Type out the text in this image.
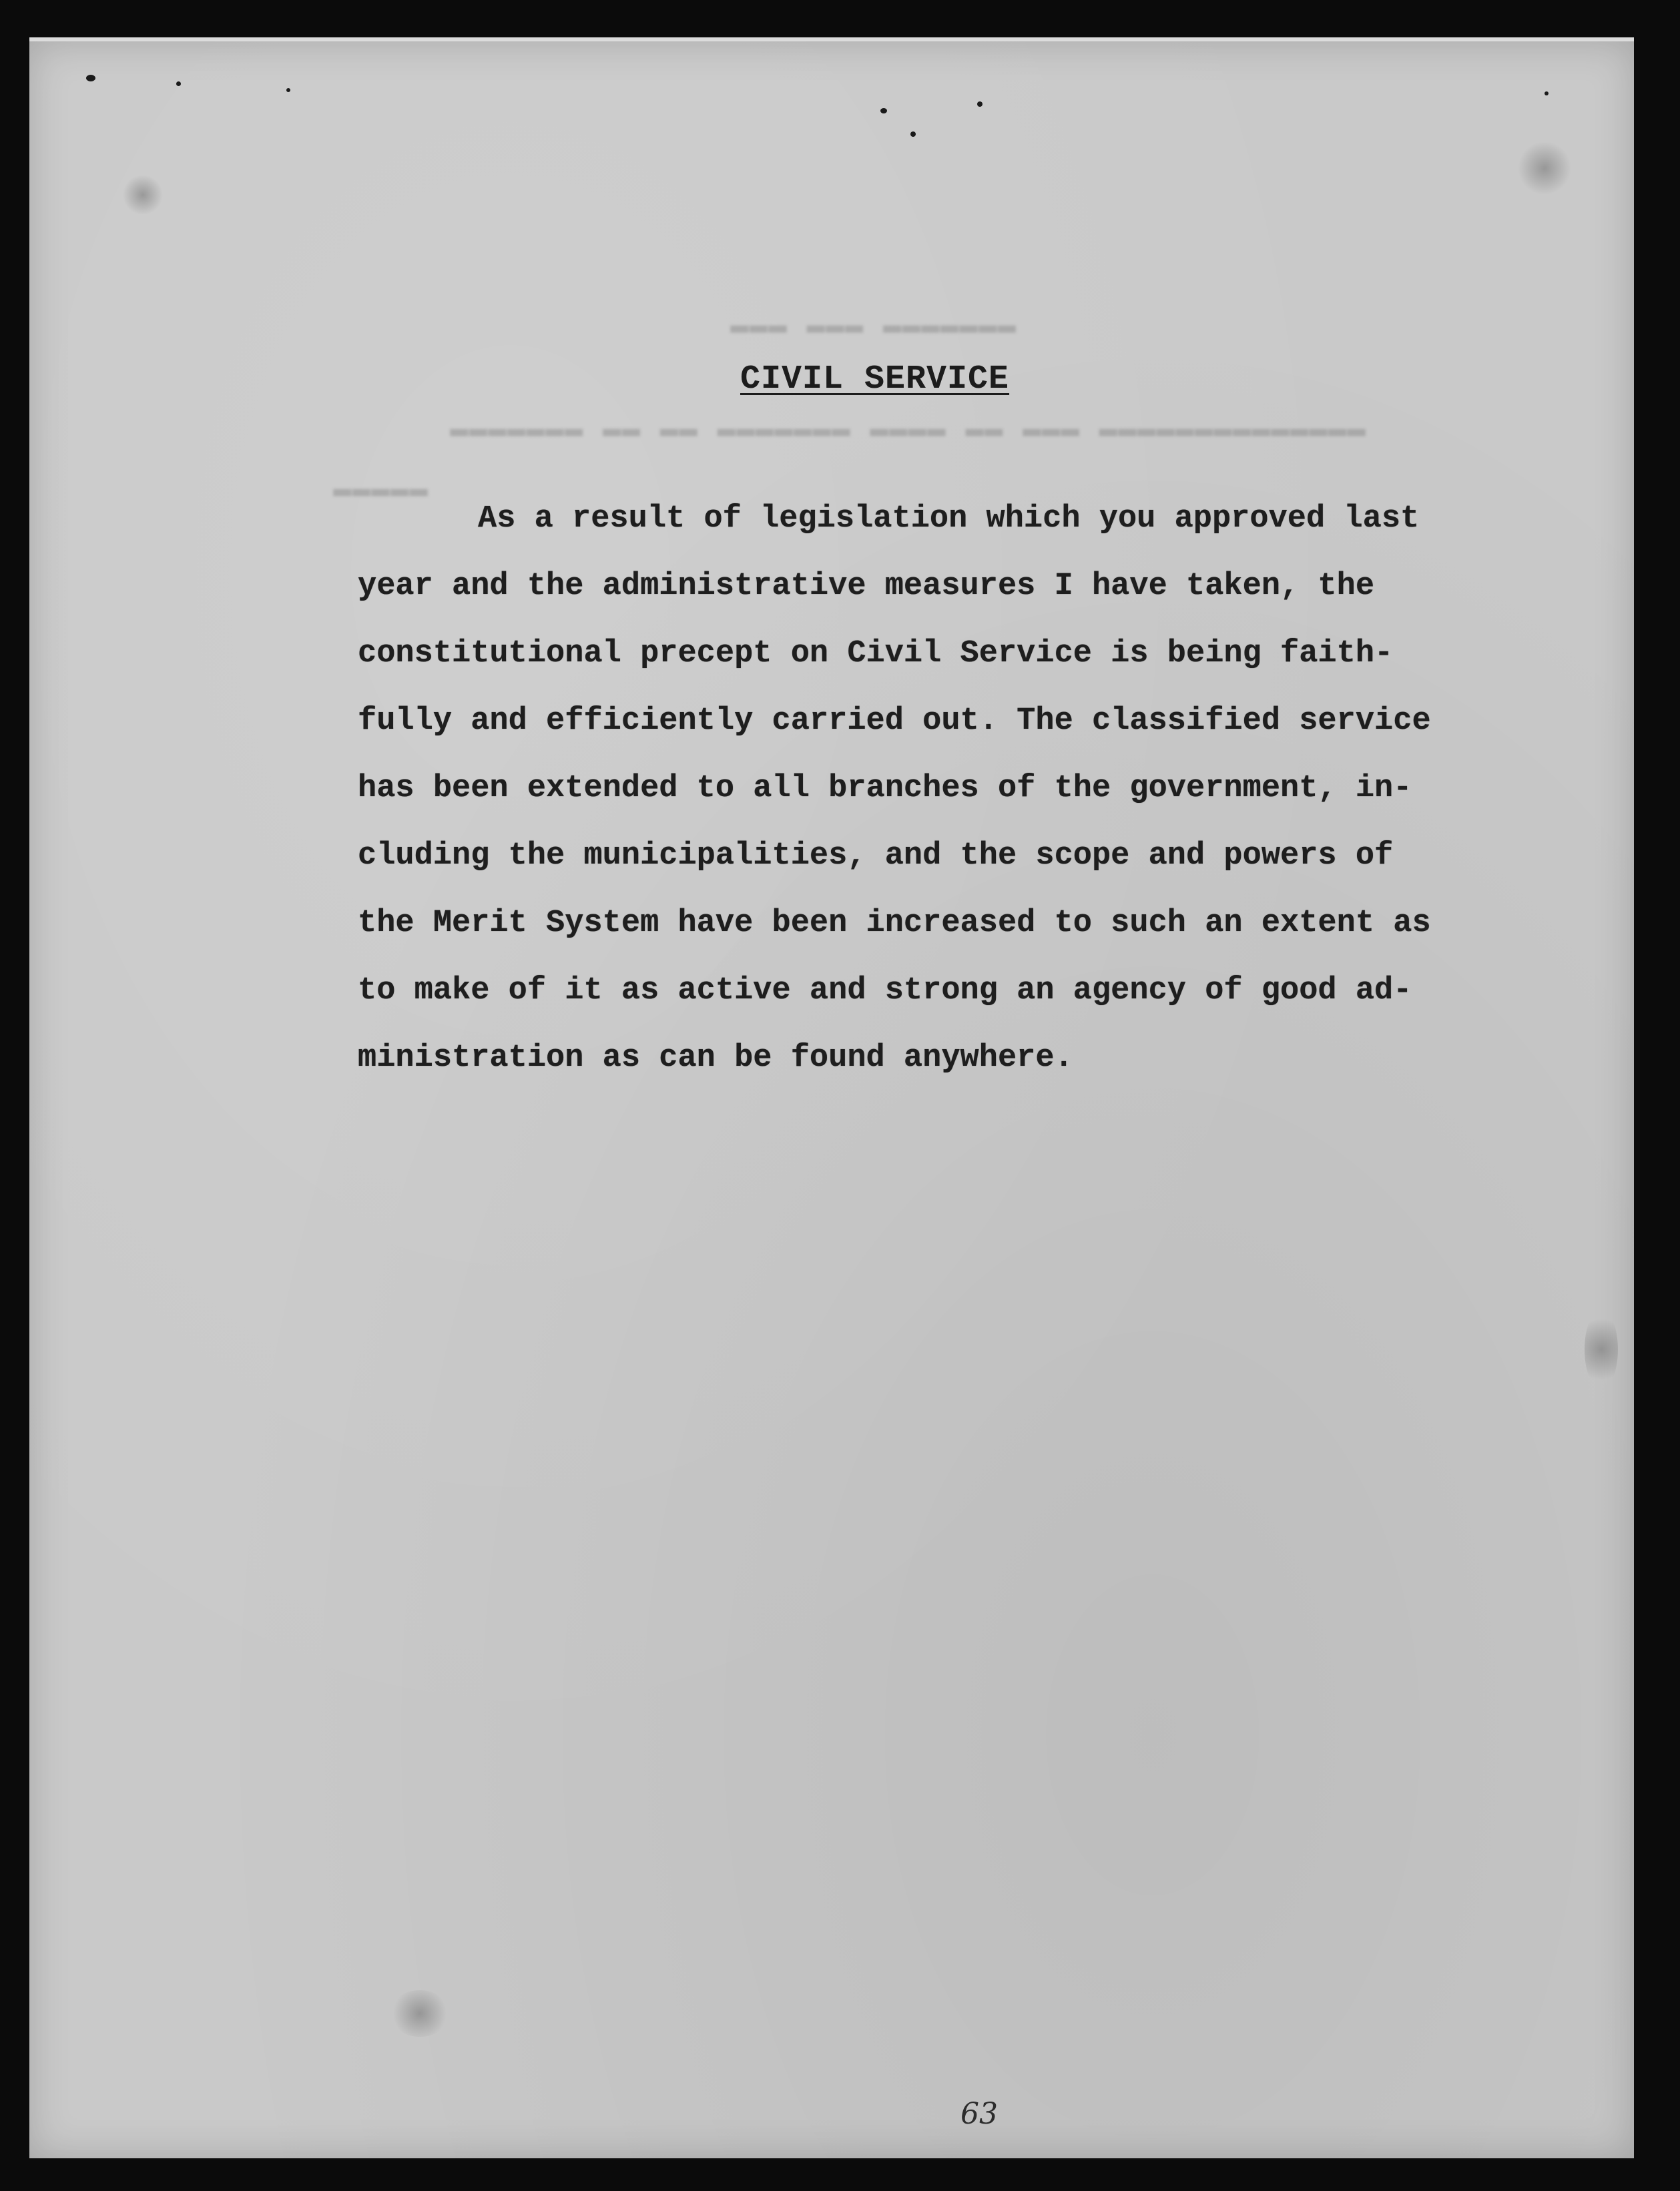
▬▬▬ ▬▬▬ ▬▬▬▬▬▬▬
▬▬▬▬▬▬▬ ▬▬ ▬▬ ▬▬▬▬▬▬▬ ▬▬▬▬ ▬▬ ▬▬▬ ▬▬▬▬▬▬▬▬▬▬▬▬▬▬
▬▬▬▬▬
CIVIL SERVICE
As a result of legislation which you approved last
year and the administrative measures I have taken, the
constitutional precept on Civil Service is being faith-
fully and efficiently carried out. The classified service
has been extended to all branches of the government, in-
cluding the municipalities, and the scope and powers of
the Merit System have been increased to such an extent as
to make of it as active and strong an agency of good ad-
ministration as can be found anywhere.
63
